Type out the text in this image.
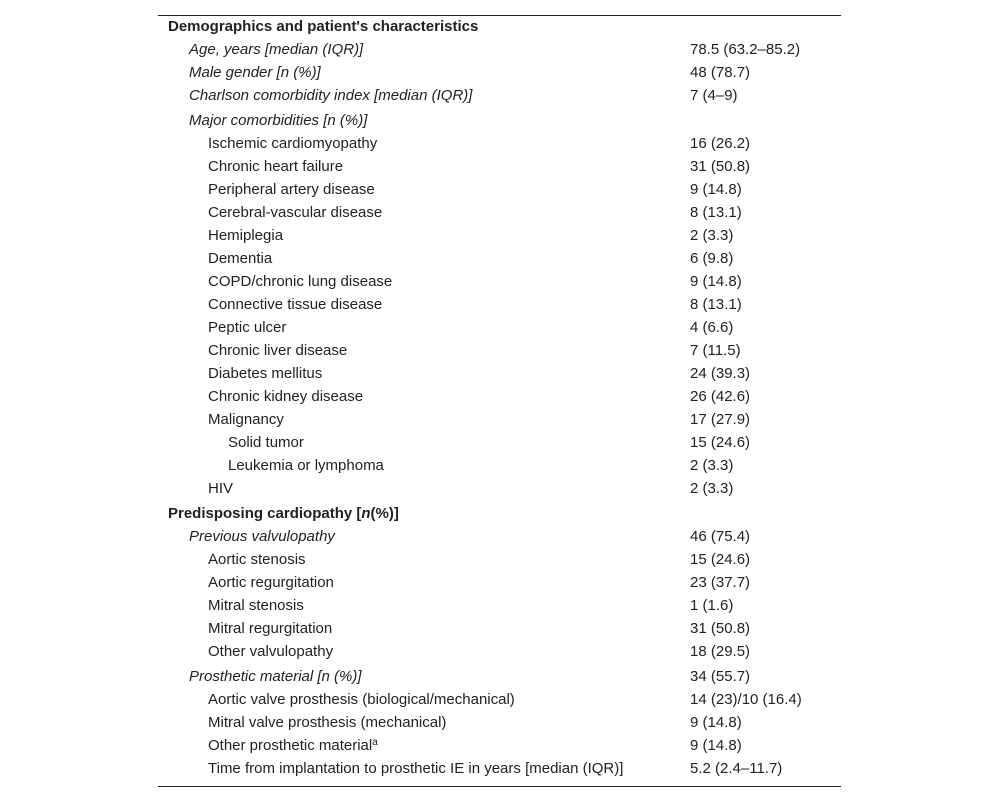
Demographics and patient's characteristics
Age, years [median (IQR)]	78.5 (63.2–85.2)
Male gender [n (%)]	48 (78.7)
Charlson comorbidity index [median (IQR)]	7 (4–9)
Major comorbidities [n (%)]
Ischemic cardiomyopathy	16 (26.2)
Chronic heart failure	31 (50.8)
Peripheral artery disease	9 (14.8)
Cerebral-vascular disease	8 (13.1)
Hemiplegia	2 (3.3)
Dementia	6 (9.8)
COPD/chronic lung disease	9 (14.8)
Connective tissue disease	8 (13.1)
Peptic ulcer	4 (6.6)
Chronic liver disease	7 (11.5)
Diabetes mellitus	24 (39.3)
Chronic kidney disease	26 (42.6)
Malignancy	17 (27.9)
Solid tumor	15 (24.6)
Leukemia or lymphoma	2 (3.3)
HIV	2 (3.3)
Predisposing cardiopathy [n(%)]
Previous valvulopathy	46 (75.4)
Aortic stenosis	15 (24.6)
Aortic regurgitation	23 (37.7)
Mitral stenosis	1 (1.6)
Mitral regurgitation	31 (50.8)
Other valvulopathy	18 (29.5)
Prosthetic material [n (%)]	34 (55.7)
Aortic valve prosthesis (biological/mechanical)	14 (23)/10 (16.4)
Mitral valve prosthesis (mechanical)	9 (14.8)
Other prosthetic material$^a$	9 (14.8)
Time from implantation to prosthetic IE in years [median (IQR)]	5.2 (2.4–11.7)
